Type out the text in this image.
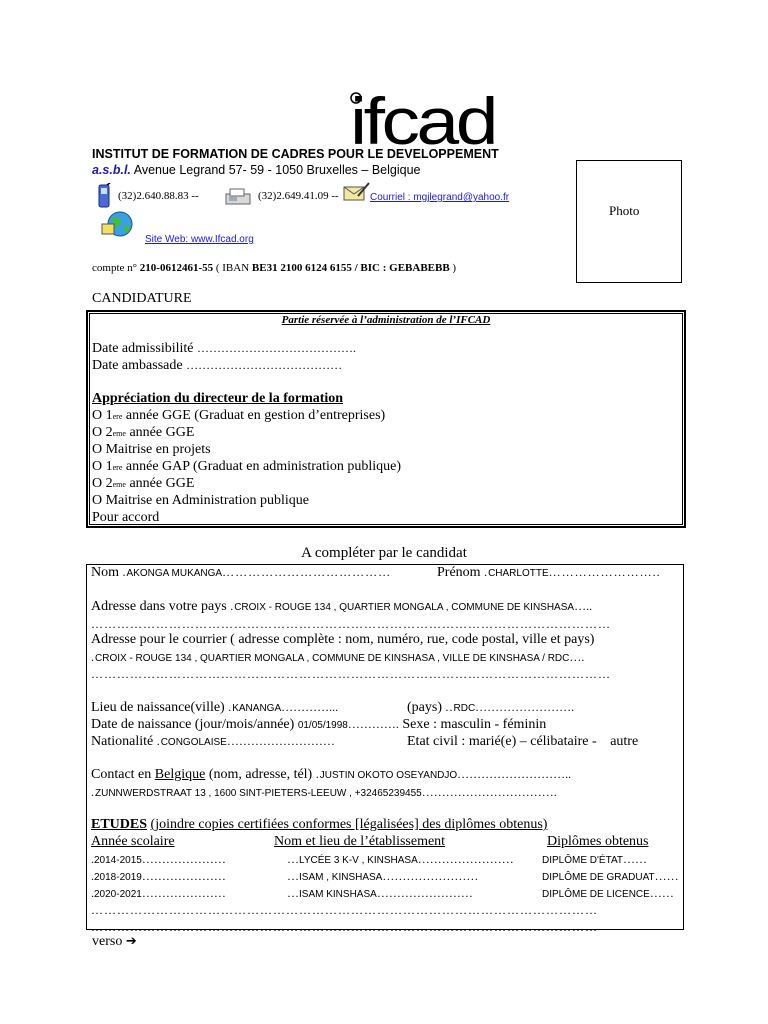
ifcad
INSTITUT DE FORMATION DE CADRES POUR LE DEVELOPPEMENT
a.s.b.l. Avenue Legrand 57- 59 - 1050 Bruxelles – Belgique
(32)2.640.88.83 --	(32)2.649.41.09 --	Courriel : mgjlegrand@yahoo.fr
Site Web: www.Ifcad.org
compte n° 210-0612461-55 ( IBAN BE31 2100 6124 6155 / BIC : GEBABEBB )
Photo
CANDIDATURE
Partie réservée à l’administration de l’IFCAD
Date admissibilité ………………………………….
Date ambassade …………………………………
Appréciation du directeur de la formation
O 1ere année GGE (Graduat en gestion d’entreprises)
O 2eme année GGE
O Maitrise en projets
O 1ere année GAP (Graduat en administration publique)
O 2eme année GGE
O Maitrise en Administration publique
Pour accord
A compléter par le candidat
Nom .AKONGA MUKANGA…………………………………	Prénom .CHARLOTTE……………………..
Adresse dans votre pays .CROIX - ROUGE 134 , QUARTIER MONGALA , COMMUNE DE KINSHASA…..
…………………………………………………………………………………………………………
Adresse pour le courrier ( adresse complète : nom, numéro, rue, code postal, ville et pays)
.CROIX - ROUGE 134 , QUARTIER MONGALA , COMMUNE DE KINSHASA , VILLE DE KINSHASA / RDC….
…………………………………………………………………………………………………………
Lieu de naissance(ville) .KANANGA…………...	(pays) ..RDC…………………….
Date de naissance (jour/mois/année) 01/05/1998…………. Sexe : masculin - féminin
Nationalité .CONGOLAISE………………………	Etat civil : marié(e) – célibataire - autre
Contact en Belgique (nom, adresse, tél) .JUSTIN OKOTO OSEYANDJO………………………..
.ZUNNWERDSTRAAT 13 , 1600 SINT-PIETERS-LEEUW , +32465239455…………………………….
ETUDES (joindre copies certifiées conformes [légalisées] des diplômes obtenus)
Année scolaire	Nom et lieu de l’établissement	Diplômes obtenus
.2014-2015…………………	…LYCÉE 3 K-V , KINSHASA……………………	DIPLÔME D'ÉTAT……
.2018-2019…………………	…ISAM , KINSHASA……………………	DIPLÔME DE GRADUAT……
.2020-2021…………………	…ISAM KINSHASA……………………	DIPLÔME DE LICENCE……
………………………………………………………………………………………………………
………………………………………………………………………………………………………
verso ➔
